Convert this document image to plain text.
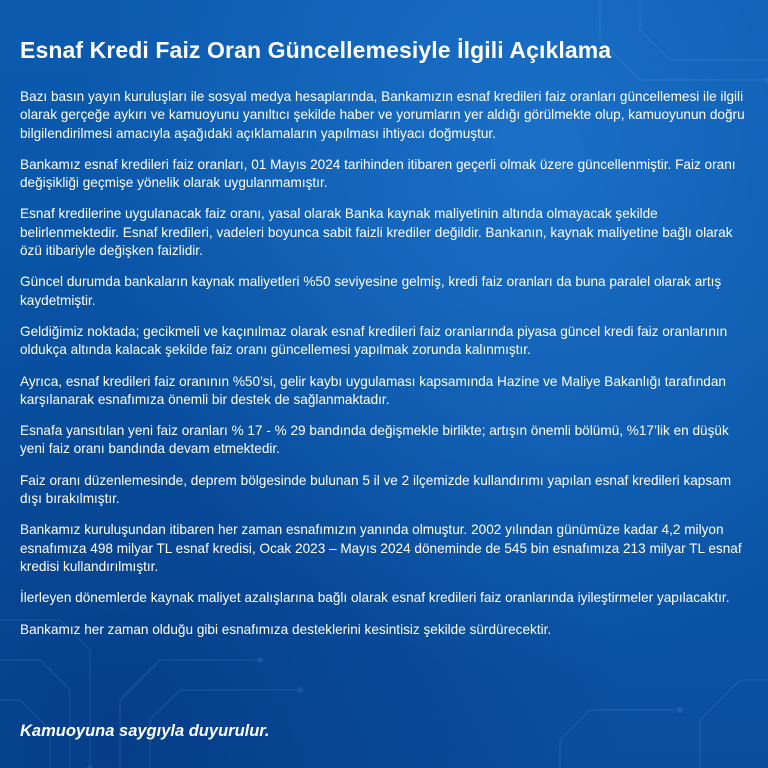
Esnaf Kredi Faiz Oran Güncellemesiyle İlgili Açıklama

Bazı basın yayın kuruluşları ile sosyal medya hesaplarında, Bankamızın esnaf kredileri faiz oranları güncellemesi ile ilgili olarak gerçeğe aykırı ve kamuoyunu yanıltıcı şekilde haber ve yorumların yer aldığı görülmekte olup, kamuoyunun doğru bilgilendirilmesi amacıyla aşağıdaki açıklamaların yapılması ihtiyacı doğmuştur.

Bankamız esnaf kredileri faiz oranları, 01 Mayıs 2024 tarihinden itibaren geçerli olmak üzere güncellenmiştir. Faiz oranı değişikliği geçmişe yönelik olarak uygulanmamıştır.

Esnaf kredilerine uygulanacak faiz oranı, yasal olarak Banka kaynak maliyetinin altında olmayacak şekilde belirlenmektedir. Esnaf kredileri, vadeleri boyunca sabit faizli krediler değildir. Bankanın, kaynak maliyetine bağlı olarak özü itibariyle değişken faizlidir.

Güncel durumda bankaların kaynak maliyetleri %50 seviyesine gelmiş, kredi faiz oranları da buna paralel olarak artış kaydetmiştir.

Geldiğimiz noktada; gecikmeli ve kaçınılmaz olarak esnaf kredileri faiz oranlarında piyasa güncel kredi faiz oranlarının oldukça altında kalacak şekilde faiz oranı güncellemesi yapılmak zorunda kalınmıştır.

Ayrıca, esnaf kredileri faiz oranının %50’si, gelir kaybı uygulaması kapsamında Hazine ve Maliye Bakanlığı tarafından karşılanarak esnafımıza önemli bir destek de sağlanmaktadır.

Esnafa yansıtılan yeni faiz oranları % 17 - % 29 bandında değişmekle birlikte; artışın önemli bölümü, %17’lik en düşük yeni faiz oranı bandında devam etmektedir.

Faiz oranı düzenlemesinde, deprem bölgesinde bulunan 5 il ve 2 ilçemizde kullandırımı yapılan esnaf kredileri kapsam dışı bırakılmıştır.

Bankamız kuruluşundan itibaren her zaman esnafımızın yanında olmuştur. 2002 yılından günümüze kadar 4,2 milyon esnafımıza 498 milyar TL esnaf kredisi, Ocak 2023 – Mayıs 2024 döneminde de 545 bin esnafımıza 213 milyar TL esnaf kredisi kullandırılmıştır.

İlerleyen dönemlerde kaynak maliyet azalışlarına bağlı olarak esnaf kredileri faiz oranlarında iyileştirmeler yapılacaktır.

Bankamız her zaman olduğu gibi esnafımıza desteklerini kesintisiz şekilde sürdürecektir.

Kamuoyuna saygıyla duyurulur.
